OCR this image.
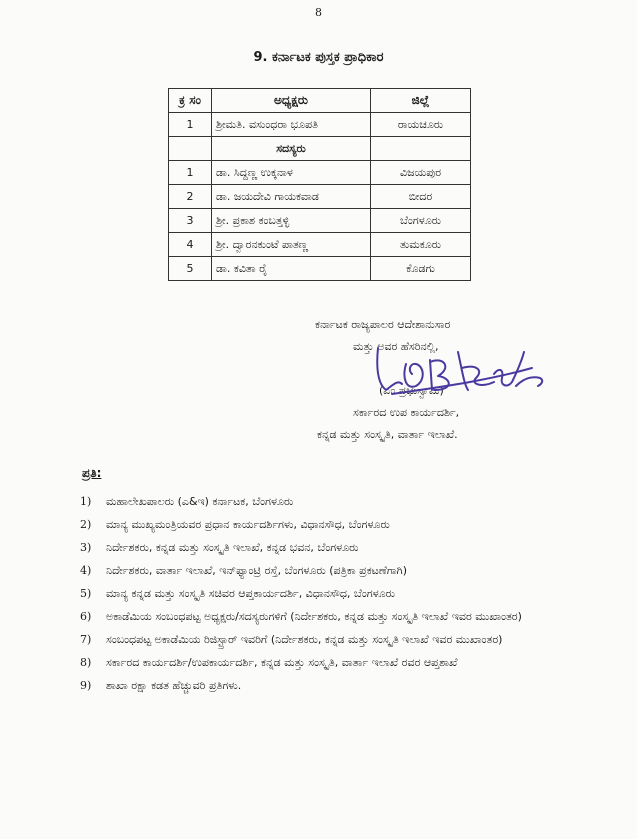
8
9. ಕರ್ನಾಟಕ ಪುಸ್ತಕ ಪ್ರಾಧಿಕಾರ
ಕ್ರ ಸಂ	ಅಧ್ಯಕ್ಷರು	ಜಿಲ್ಲೆ
1	ಶ್ರೀಮತಿ. ವಸುಂಧರಾ ಭೂಪತಿ	ರಾಯಚೂರು
	ಸದಸ್ಯರು	
1	ಡಾ. ಸಿದ್ದಣ್ಣ ಉಕ್ಕನಾಳ	ವಿಜಯಪುರ
2	ಡಾ. ಜಯದೇವಿ ಗಾಯಕವಾಡ	ಬೀದರ
3	ಶ್ರೀ. ಪ್ರಕಾಶ ಕಂಬತ್ತಳ್ಳಿ	ಬೆಂಗಳೂರು
4	ಶ್ರೀ. ದ್ವಾರನಕುಂಟೆ ಪಾತಣ್ಣ	ತುಮಕೂರು
5	ಡಾ. ಕವಿತಾ ರೈ	ಕೊಡಗು
ಕರ್ನಾಟಕ ರಾಜ್ಯಪಾಲರ ಆದೇಶಾನುಸಾರ
ಮತ್ತು ಅವರ ಹೆಸರಿನಲ್ಲಿ,
(ಎಂ.ಪ್ರಭುಸ್ವಾಮಿ)
ಸರ್ಕಾರದ ಉಪ ಕಾರ್ಯದರ್ಶಿ,
ಕನ್ನಡ ಮತ್ತು ಸಂಸ್ಕೃತಿ, ವಾರ್ತಾ ಇಲಾಖೆ.
ಪ್ರತಿ:
1)	ಮಹಾಲೇಖಪಾಲರು (ಎ&ಇ) ಕರ್ನಾಟಕ, ಬೆಂಗಳೂರು
2)	ಮಾನ್ಯ ಮುಖ್ಯಮಂತ್ರಿಯವರ ಪ್ರಧಾನ ಕಾರ್ಯದರ್ಶಿಗಳು, ವಿಧಾನಸೌಧ, ಬೆಂಗಳೂರು
3)	ನಿರ್ದೇಶಕರು, ಕನ್ನಡ ಮತ್ತು ಸಂಸ್ಕೃತಿ ಇಲಾಖೆ, ಕನ್ನಡ ಭವನ, ಬೆಂಗಳೂರು
4)	ನಿರ್ದೇಶಕರು, ವಾರ್ತಾ ಇಲಾಖೆ, ಇನ್‌ಫ್ಯಾಂಟ್ರಿ ರಸ್ತೆ, ಬೆಂಗಳೂರು (ಪತ್ರಿಕಾ ಪ್ರಕಟಣೆಗಾಗಿ)
5)	ಮಾನ್ಯ ಕನ್ನಡ ಮತ್ತು ಸಂಸ್ಕೃತಿ ಸಚಿವರ ಆಪ್ತಕಾರ್ಯದರ್ಶಿ, ವಿಧಾನಸೌಧ, ಬೆಂಗಳೂರು
6)	ಅಕಾಡೆಮಿಯ ಸಂಬಂಧಪಟ್ಟ ಅಧ್ಯಕ್ಷರು/ಸದಸ್ಯರುಗಳಿಗೆ (ನಿರ್ದೇಶಕರು, ಕನ್ನಡ ಮತ್ತು ಸಂಸ್ಕೃತಿ ಇಲಾಖೆ ಇವರ ಮುಖಾಂತರ)
7)	ಸಂಬಂಧಪಟ್ಟ ಅಕಾಡೆಮಿಯ ರಿಜಿಸ್ಟ್ರಾರ್ ಇವರಿಗೆ (ನಿರ್ದೇಶಕರು, ಕನ್ನಡ ಮತ್ತು ಸಂಸ್ಕೃತಿ ಇಲಾಖೆ ಇವರ ಮುಖಾಂತರ)
8)	ಸರ್ಕಾರದ ಕಾರ್ಯದರ್ಶಿ/ಉಪಕಾರ್ಯದರ್ಶಿ, ಕನ್ನಡ ಮತ್ತು ಸಂಸ್ಕೃತಿ, ವಾರ್ತಾ ಇಲಾಖೆ ರವರ ಆಪ್ತಶಾಖೆ
9)	ಶಾಖಾ ರಕ್ಷಾ ಕಡತ ಹೆಚ್ಚುವರಿ ಪ್ರತಿಗಳು.
